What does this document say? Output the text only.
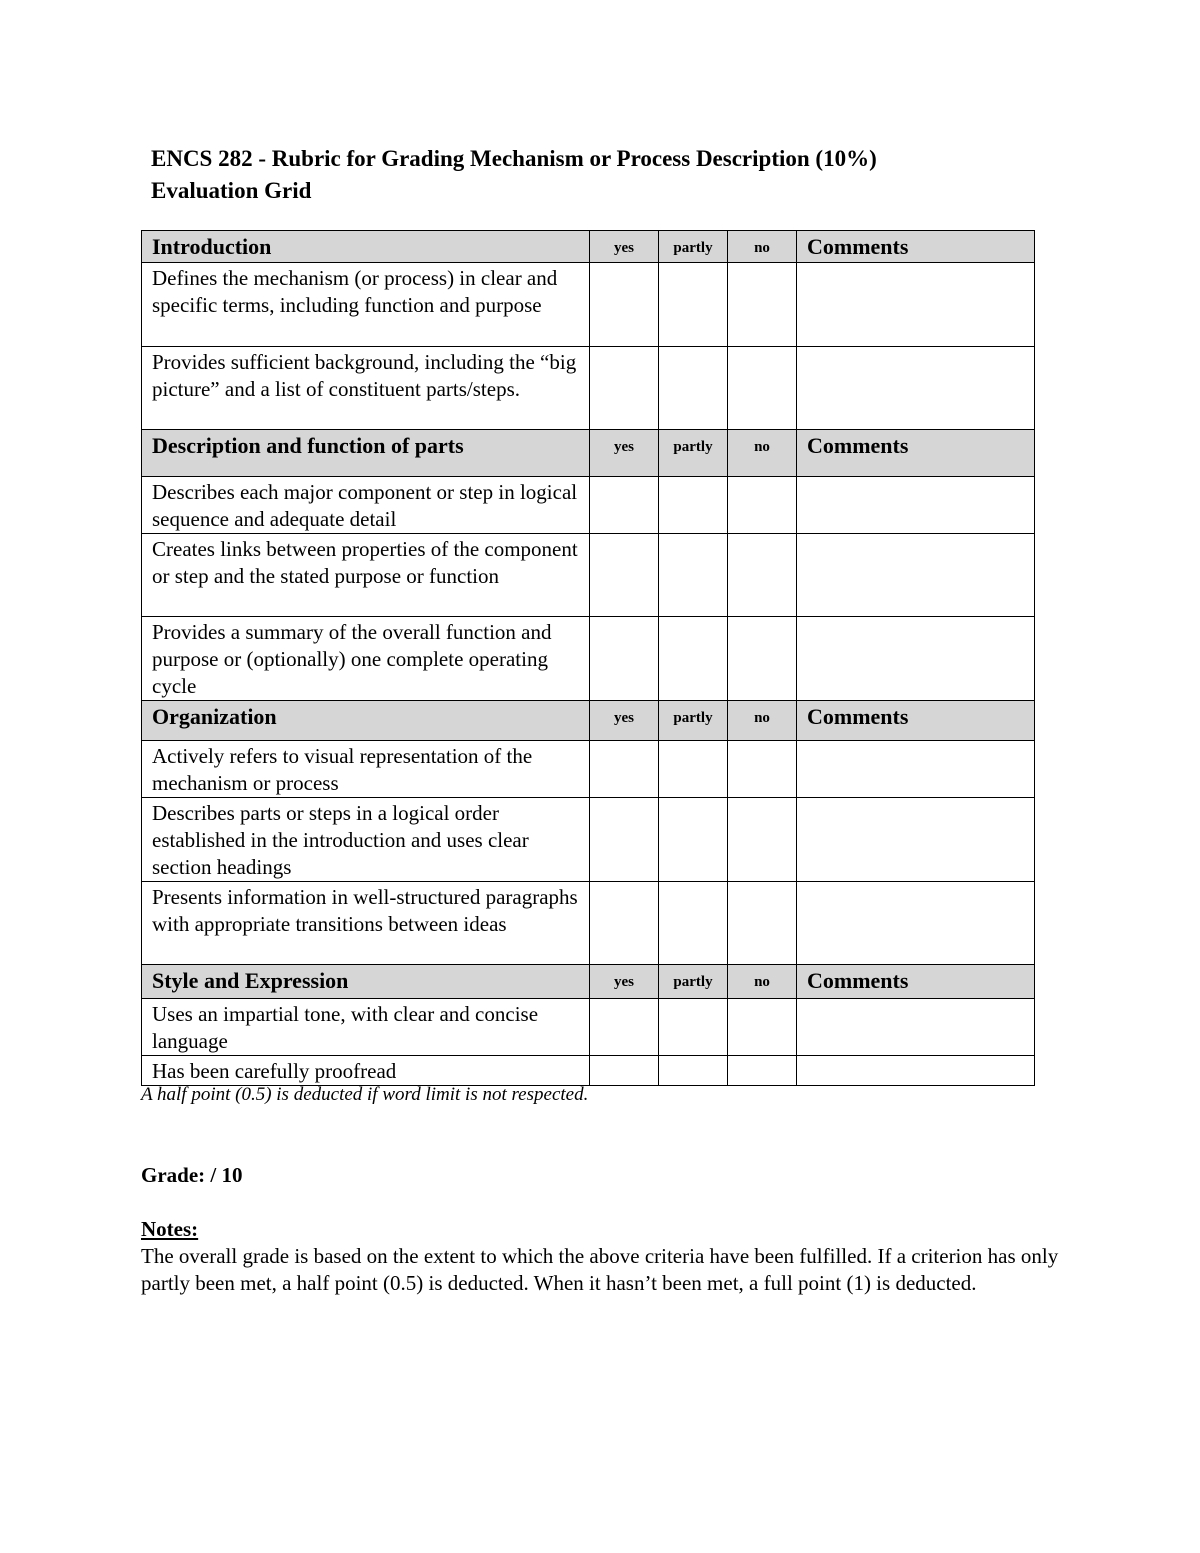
ENCS 282 - Rubric for Grading Mechanism or Process Description (10%)
Evaluation Grid
Introduction	yes	partly	no	Comments
Defines the mechanism (or process) in clear and specific terms, including function and purpose				
Provides sufficient background, including the “big picture” and a list of constituent parts/steps.				
Description and function of parts	yes	partly	no	Comments
Describes each major component or step in logical sequence and adequate detail				
Creates links between properties of the component or step and the stated purpose or function				
Provides a summary of the overall function and purpose or (optionally) one complete operating cycle				
Organization	yes	partly	no	Comments
Actively refers to visual representation of the mechanism or process				
Describes parts or steps in a logical order established in the introduction and uses clear section headings				
Presents information in well-structured paragraphs with appropriate transitions between ideas				
Style and Expression	yes	partly	no	Comments
Uses an impartial tone, with clear and concise language				
Has been carefully proofread				

A half point (0.5) is deducted if word limit is not respected.

Grade: / 10

Notes:

The overall grade is based on the extent to which the above criteria have been fulfilled. If a criterion has only partly been met, a half point (0.5) is deducted. When it hasn’t been met, a full point (1) is deducted.
